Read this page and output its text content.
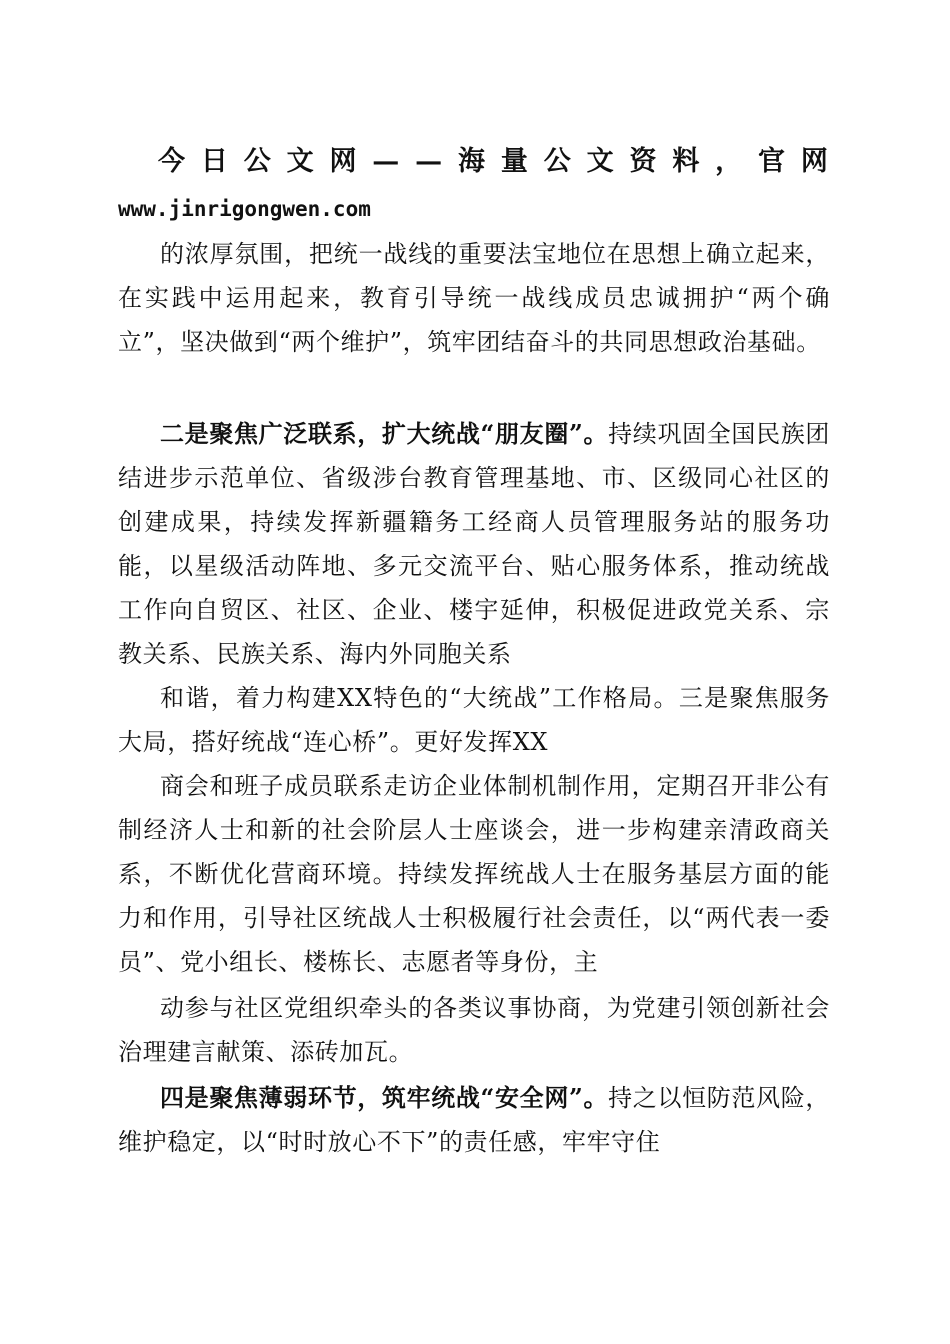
今 日 公 文 网 — — 海 量 公 文 资 料 ， 官 网
www.jinrigongwen.com

的浓厚氛围，把统一战线的重要法宝地位在思想上确立起来，在实践中运用起来，教育引导统一战线成员忠诚拥护“两个确立”，坚决做到“两个维护”，筑牢团结奋斗的共同思想政治基础。

二是聚焦广泛联系，扩大统战“朋友圈”。持续巩固全国民族团结进步示范单位、省级涉台教育管理基地、市、区级同心社区的创建成果，持续发挥新疆籍务工经商人员管理服务站的服务功能，以星级活动阵地、多元交流平台、贴心服务体系，推动统战工作向自贸区、社区、企业、楼宇延伸，积极促进政党关系、宗教关系、民族关系、海内外同胞关系

和谐，着力构建XX特色的“大统战”工作格局。三是聚焦服务大局，搭好统战“连心桥”。更好发挥XX

商会和班子成员联系走访企业体制机制作用，定期召开非公有制经济人士和新的社会阶层人士座谈会，进一步构建亲清政商关系，不断优化营商环境。持续发挥统战人士在服务基层方面的能力和作用，引导社区统战人士积极履行社会责任，以“两代表一委员”、党小组长、楼栋长、志愿者等身份，主

动参与社区党组织牵头的各类议事协商，为党建引领创新社会治理建言献策、添砖加瓦。

四是聚焦薄弱环节，筑牢统战“安全网”。持之以恒防范风险，维护稳定，以“时时放心不下”的责任感，牢牢守住
